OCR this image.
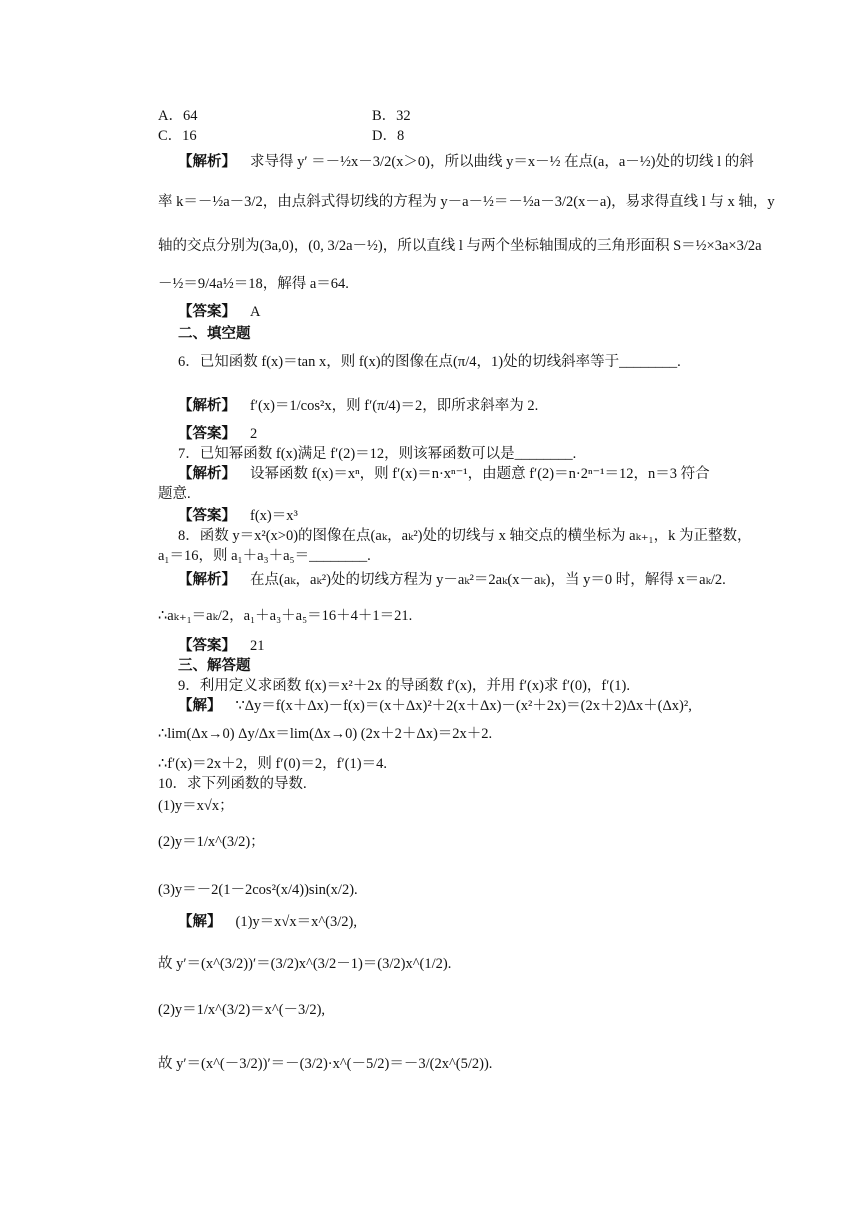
A．64	B．32
C．16	D．8
【解析】 求导得 y′ ＝－½x－3/2(x＞0)，所以曲线 y＝x－½ 在点(a，a－½)处的切线 l 的斜
率 k＝－½a－3/2，由点斜式得切线的方程为 y－a－½＝－½a－3/2(x－a)，易求得直线 l 与 x 轴，y
轴的交点分别为(3a,0)，(0, 3/2a－½)，所以直线 l 与两个坐标轴围成的三角形面积 S＝½×3a×3/2a
－½＝9/4a½＝18，解得 a＝64.
【答案】 A
二、填空题
6．已知函数 f(x)＝tan x，则 f(x)的图像在点(π/4，1)处的切线斜率等于________.
【解析】 f′(x)＝1/cos²x，则 f′(π/4)＝2，即所求斜率为 2.
【答案】 2
7．已知幂函数 f(x)满足 f′(2)＝12，则该幂函数可以是________.
【解析】 设幂函数 f(x)＝xⁿ，则 f′(x)＝n·xⁿ⁻¹，由题意 f′(2)＝n·2ⁿ⁻¹＝12，n＝3 符合
题意.
【答案】 f(x)＝x³
8．函数 y＝x²(x>0)的图像在点(aₖ，aₖ²)处的切线与 x 轴交点的横坐标为 aₖ₊₁，k 为正整数，
a₁＝16，则 a₁＋a₃＋a₅＝________.
【解析】 在点(aₖ，aₖ²)处的切线方程为 y－aₖ²＝2aₖ(x－aₖ)，当 y＝0 时，解得 x＝aₖ/2.
∴aₖ₊₁＝aₖ/2，a₁＋a₃＋a₅＝16＋4＋1＝21.
【答案】 21
三、解答题
9．利用定义求函数 f(x)＝x²＋2x 的导函数 f′(x)，并用 f′(x)求 f′(0)，f′(1).
【解】 ∵Δy＝f(x＋Δx)－f(x)＝(x＋Δx)²＋2(x＋Δx)－(x²＋2x)＝(2x＋2)Δx＋(Δx)²,
∴lim(Δx→0) Δy/Δx＝lim(Δx→0) (2x＋2＋Δx)＝2x＋2.
∴f′(x)＝2x＋2，则 f′(0)＝2，f′(1)＝4.
10．求下列函数的导数.
(1)y＝x√x；
(2)y＝1/x^(3/2)；
(3)y＝－2(1－2cos²(x/4))sin(x/2).
【解】 (1)y＝x√x＝x^(3/2),
故 y′＝(x^(3/2))′＝(3/2)x^(3/2－1)＝(3/2)x^(1/2).
(2)y＝1/x^(3/2)＝x^(－3/2),
故 y′＝(x^(－3/2))′＝－(3/2)·x^(－5/2)＝－3/(2x^(5/2)).
